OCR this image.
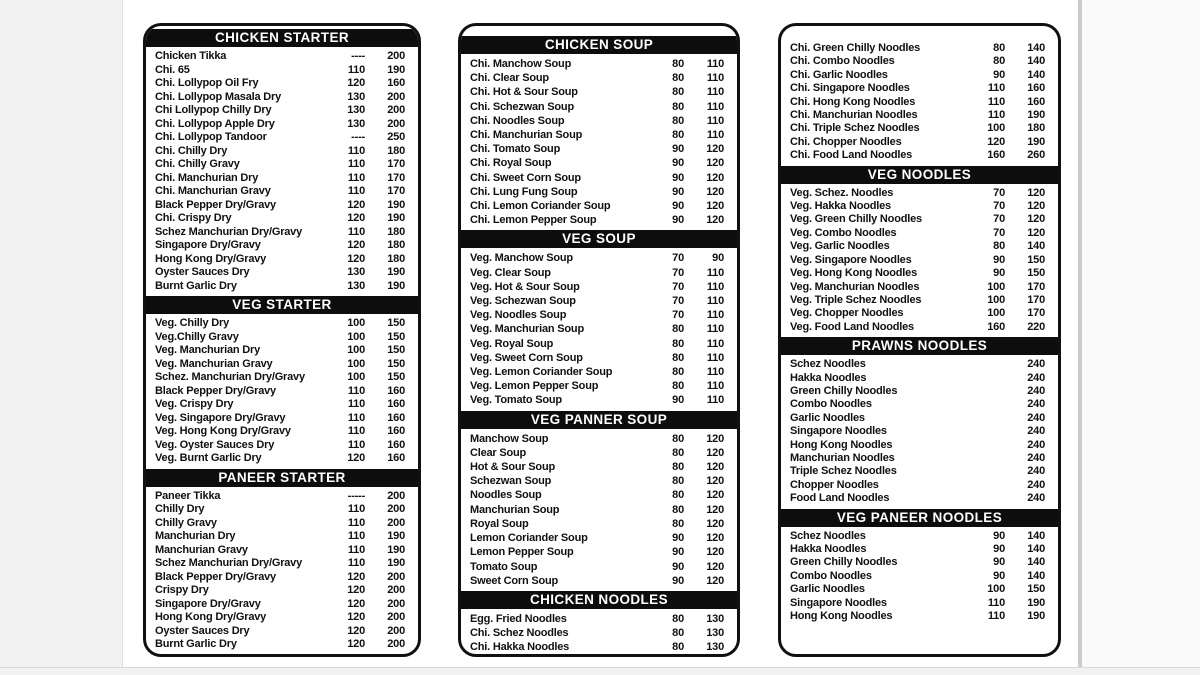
CHICKEN STARTER
Chicken Tikka	----	200
Chi. 65	110	190
Chi. Lollypop Oil Fry	120	160
Chi. Lollypop Masala Dry	130	200
Chi Lollypop Chilly Dry	130	200
Chi. Lollypop Apple Dry	130	200
Chi. Lollypop Tandoor	----	250
Chi. Chilly Dry	110	180
Chi. Chilly Gravy	110	170
Chi. Manchurian Dry	110	170
Chi. Manchurian Gravy	110	170
Black Pepper Dry/Gravy	120	190
Chi. Crispy Dry	120	190
Schez Manchurian Dry/Gravy	110	180
Singapore Dry/Gravy	120	180
Hong Kong Dry/Gravy	120	180
Oyster Sauces Dry	130	190
Burnt Garlic Dry	130	190
VEG STARTER
Veg. Chilly Dry	100	150
Veg.Chilly Gravy	100	150
Veg. Manchurian Dry	100	150
Veg. Manchurian Gravy	100	150
Schez. Manchurian Dry/Gravy	100	150
Black Pepper Dry/Gravy	110	160
Veg. Crispy Dry	110	160
Veg. Singapore Dry/Gravy	110	160
Veg. Hong Kong Dry/Gravy	110	160
Veg. Oyster Sauces Dry	110	160
Veg. Burnt Garlic Dry	120	160
PANEER STARTER
Paneer Tikka	-----	200
Chilly Dry	110	200
Chilly Gravy	110	200
Manchurian Dry	110	190
Manchurian Gravy	110	190
Schez Manchurian Dry/Gravy	110	190
Black Pepper Dry/Gravy	120	200
Crispy Dry	120	200
Singapore Dry/Gravy	120	200
Hong Kong Dry/Gravy	120	200
Oyster Sauces Dry	120	200
Burnt Garlic Dry	120	200
CHICKEN SOUP
Chi. Manchow Soup	80	110
Chi. Clear Soup	80	110
Chi. Hot & Sour Soup	80	110
Chi. Schezwan Soup	80	110
Chi. Noodles Soup	80	110
Chi. Manchurian Soup	80	110
Chi. Tomato Soup	90	120
Chi. Royal Soup	90	120
Chi. Sweet Corn Soup	90	120
Chi. Lung Fung Soup	90	120
Chi. Lemon Coriander Soup	90	120
Chi. Lemon Pepper Soup	90	120
VEG SOUP
Veg. Manchow Soup	70	90
Veg. Clear Soup	70	110
Veg. Hot & Sour Soup	70	110
Veg. Schezwan Soup	70	110
Veg. Noodles Soup	70	110
Veg. Manchurian Soup	80	110
Veg. Royal Soup	80	110
Veg. Sweet Corn Soup	80	110
Veg. Lemon Coriander Soup	80	110
Veg. Lemon Pepper Soup	80	110
Veg. Tomato Soup	90	110
VEG PANNER SOUP
Manchow Soup	80	120
Clear Soup	80	120
Hot & Sour Soup	80	120
Schezwan Soup	80	120
Noodles Soup	80	120
Manchurian Soup	80	120
Royal Soup	80	120
Lemon Coriander Soup	90	120
Lemon Pepper Soup	90	120
Tomato Soup	90	120
Sweet Corn Soup	90	120
CHICKEN NOODLES
Egg. Fried Noodles	80	130
Chi. Schez Noodles	80	130
Chi. Hakka Noodles	80	130
Chi. Green Chilly Noodles	80	140
Chi. Combo Noodles	80	140
Chi. Garlic Noodles	90	140
Chi. Singapore Noodles	110	160
Chi. Hong Kong Noodles	110	160
Chi. Manchurian Noodles	110	190
Chi. Triple Schez Noodles	100	180
Chi. Chopper Noodles	120	190
Chi. Food Land Noodles	160	260
VEG NOODLES
Veg. Schez. Noodles	70	120
Veg. Hakka Noodles	70	120
Veg. Green Chilly Noodles	70	120
Veg. Combo Noodles	70	120
Veg. Garlic Noodles	80	140
Veg. Singapore Noodles	90	150
Veg. Hong Kong Noodles	90	150
Veg. Manchurian Noodles	100	170
Veg. Triple Schez Noodles	100	170
Veg. Chopper Noodles	100	170
Veg. Food Land Noodles	160	220
PRAWNS NOODLES
Schez Noodles	240
Hakka Noodles	240
Green Chilly Noodles	240
Combo Noodles	240
Garlic Noodles	240
Singapore Noodles	240
Hong Kong Noodles	240
Manchurian Noodles	240
Triple Schez Noodles	240
Chopper Noodles	240
Food Land Noodles	240
VEG PANEER NOODLES
Schez Noodles	90	140
Hakka Noodles	90	140
Green Chilly Noodles	90	140
Combo Noodles	90	140
Garlic Noodles	100	150
Singapore Noodles	110	190
Hong Kong Noodles	110	190
